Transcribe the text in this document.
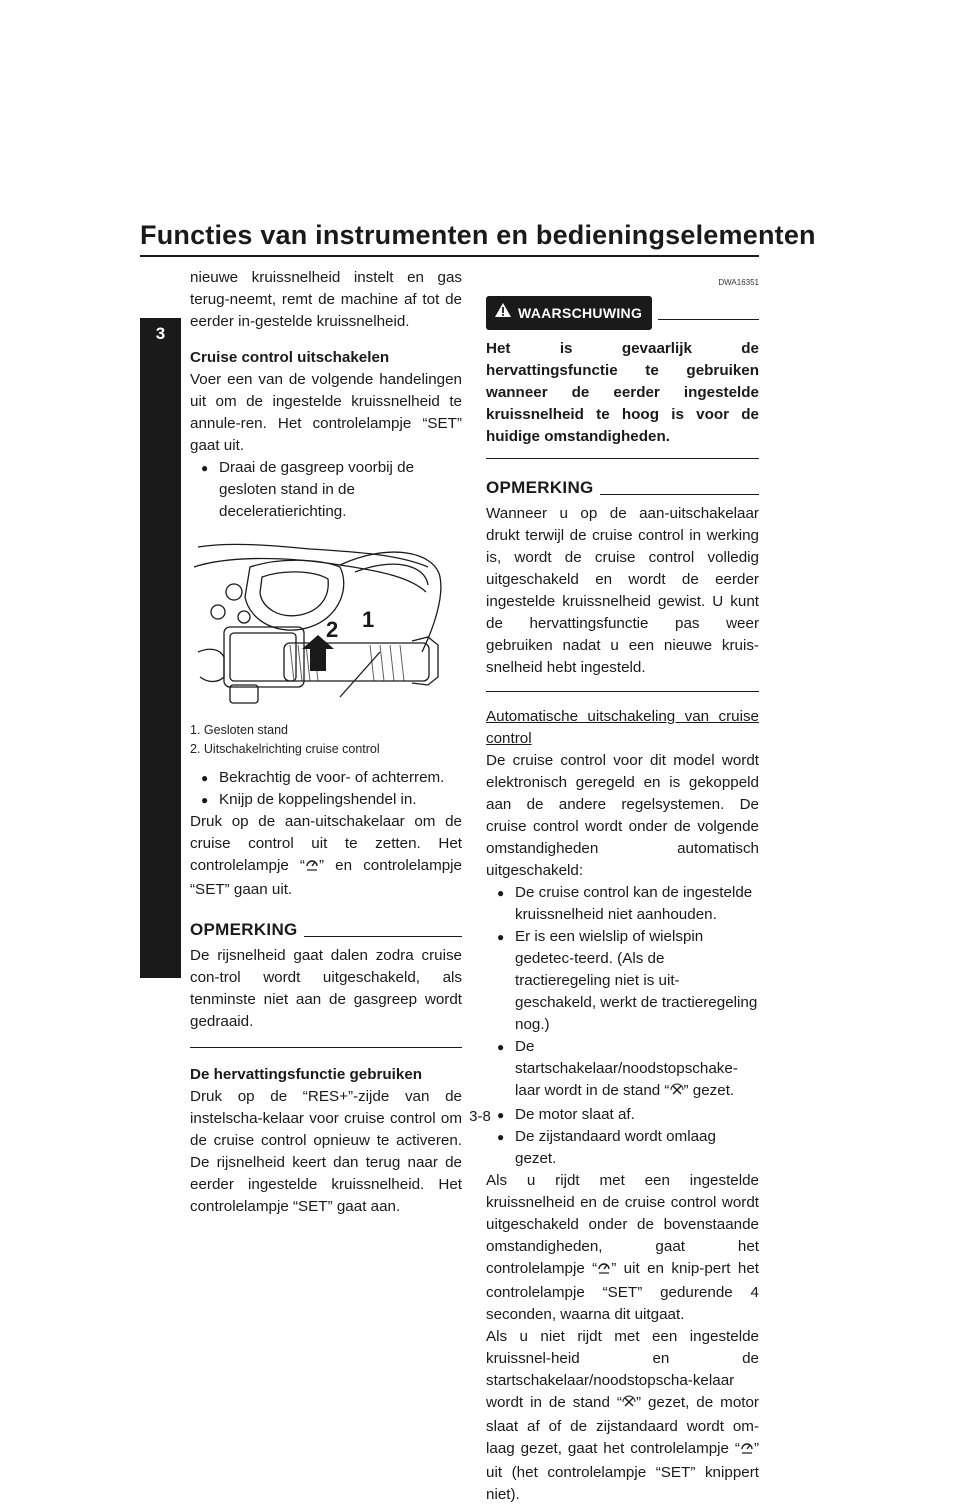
Functies van instrumenten en bedieningselementen
3

nieuwe kruissnelheid instelt en gas terug-neemt, remt de machine af tot de eerder in-gestelde kruissnelheid.

Cruise control uitschakelen

Voer een van de volgende handelingen uit om de ingestelde kruissnelheid te annule-ren. Het controlelampje “SET” gaat uit.

● Draai de gasgreep voorbij de gesloten stand in de deceleratierichting.

2 1

1. Gesloten stand

2. Uitschakelrichting cruise control

● Bekrachtig de voor- of achterrem.

● Knijp de koppelingshendel in.

Druk op de aan-uitschakelaar om de cruise control uit te zetten. Het controlelampje “ ” en controlelampje “SET” gaan uit.

OPMERKING

De rijsnelheid gaat dalen zodra cruise con-trol wordt uitgeschakeld, als tenminste niet aan de gasgreep wordt gedraaid.

De hervattingsfunctie gebruiken

Druk op de “RES+”-zijde van de instelscha-kelaar voor cruise control om de cruise control opnieuw te activeren. De rijsnelheid keert dan terug naar de eerder ingestelde kruissnelheid. Het controlelampje “SET” gaat aan.

DWA16351
WAARSCHUWING

Het is gevaarlijk de hervattingsfunctie te gebruiken wanneer de eerder ingestelde kruissnelheid te hoog is voor de huidige omstandigheden.

OPMERKING

Wanneer u op de aan-uitschakelaar drukt terwijl de cruise control in werking is, wordt de cruise control volledig uitgeschakeld en wordt de eerder ingestelde kruissnelheid gewist. U kunt de hervattingsfunctie pas weer gebruiken nadat u een nieuwe kruis-snelheid hebt ingesteld.

Automatische uitschakeling van cruise control

De cruise control voor dit model wordt elektronisch geregeld en is gekoppeld aan de andere regelsystemen. De cruise control wordt onder de volgende omstandigheden automatisch uitgeschakeld:

● De cruise control kan de ingestelde kruissnelheid niet aanhouden.

● Er is een wielslip of wielspin gedetec-teerd. (Als de tractieregeling niet is uit-geschakeld, werkt de tractieregeling nog.)

● De startschakelaar/noodstopschake-laar wordt in de stand “ ” gezet.

● De motor slaat af.

● De zijstandaard wordt omlaag gezet.

Als u rijdt met een ingestelde kruissnelheid en de cruise control wordt uitgeschakeld onder de bovenstaande omstandigheden, gaat het controlelampje “ ” uit en knip-pert het controlelampje “SET” gedurende 4 seconden, waarna dit uitgaat.

Als u niet rijdt met een ingestelde kruissnel-heid en de startschakelaar/noodstopscha-kelaar wordt in de stand “ ” gezet, de motor slaat af of de zijstandaard wordt om-laag gezet, gaat het controlelampje “ ” uit (het controlelampje “SET” knippert niet).

3-8
